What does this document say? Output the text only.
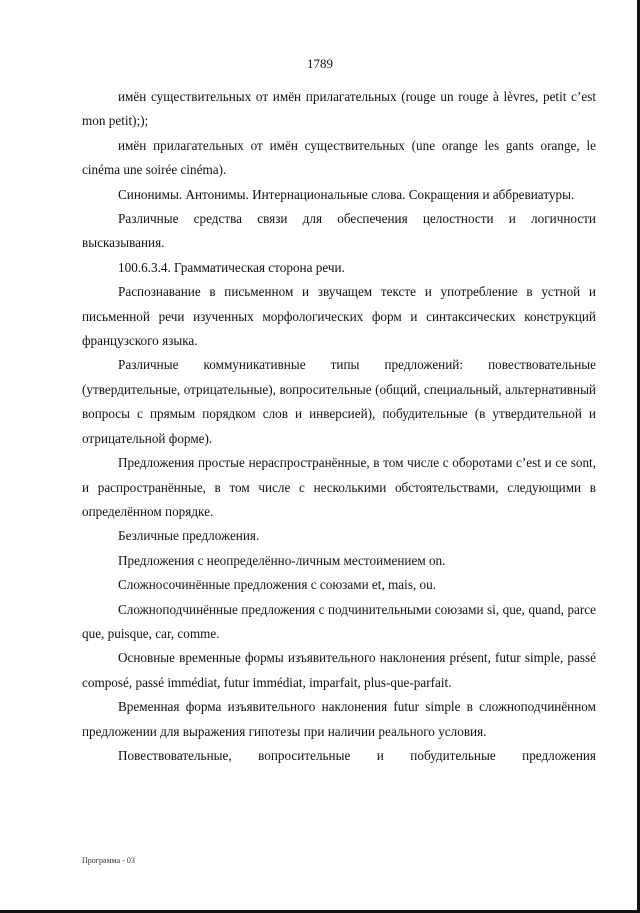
1789

имён существительных от имён прилагательных (rouge un rouge à lèvres, petit c’est mon petit););

имён прилагательных от имён существительных (une orange les gants orange, le cinéma une soirée cinéma).

Синонимы. Антонимы. Интернациональные слова. Сокращения и аббревиатуры.

Различные средства связи для обеспечения целостности и логичности высказывания.

100.6.3.4. Грамматическая сторона речи.

Распознавание в письменном и звучащем тексте и употребление в устной и письменной речи изученных морфологических форм и синтаксических конструкций французского языка.

Различные коммуникативные типы предложений: повествовательные (утвердительные, отрицательные), вопросительные (общий, специальный, альтернативный вопросы с прямым порядком слов и инверсией), побудительные (в утвердительной и отрицательной форме).

Предложения простые нераспространённые, в том числе с оборотами c’est и ce sont, и распространённые, в том числе с несколькими обстоятельствами, следующими в определённом порядке.

Безличные предложения.

Предложения с неопределённо-личным местоимением on.

Сложносочинённые предложения с союзами et, mais, ou.

Сложноподчинённые предложения с подчинительными союзами si, que, quand, parce que, puisque, car, comme.

Основные временные формы изъявительного наклонения présent, futur simple, passé composé, passé immédiat, futur immédiat, imparfait, plus-que-parfait.

Временная форма изъявительного наклонения futur simple в сложноподчинённом предложении для выражения гипотезы при наличии реального условия.

Повествовательные, вопросительные и побудительные предложения

Программа - 03
